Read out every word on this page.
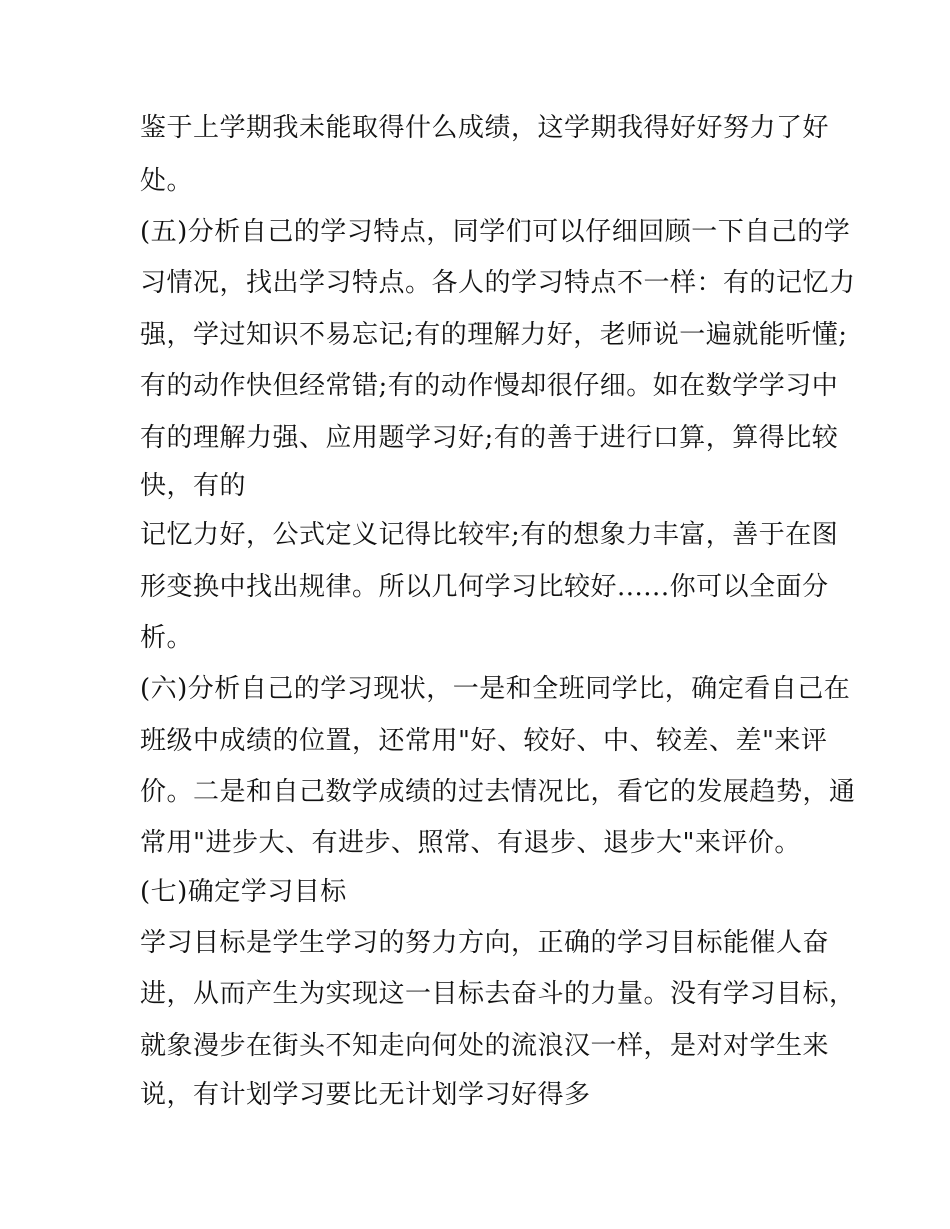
鉴于上学期我未能取得什么成绩，这学期我得好好努力了好
处。
(五)分析自己的学习特点，同学们可以仔细回顾一下自己的学
习情况，找出学习特点。各人的学习特点不一样：有的记忆力
强，学过知识不易忘记;有的理解力好，老师说一遍就能听懂;
有的动作快但经常错;有的动作慢却很仔细。如在数学学习中
有的理解力强、应用题学习好;有的善于进行口算，算得比较
快，有的
记忆力好，公式定义记得比较牢;有的想象力丰富，善于在图
形变换中找出规律。所以几何学习比较好......你可以全面分
析。
(六)分析自己的学习现状，一是和全班同学比，确定看自己在
班级中成绩的位置，还常用"好、较好、中、较差、差"来评
价。二是和自己数学成绩的过去情况比，看它的发展趋势，通
常用"进步大、有进步、照常、有退步、退步大"来评价。
(七)确定学习目标
学习目标是学生学习的努力方向，正确的学习目标能催人奋
进，从而产生为实现这一目标去奋斗的力量。没有学习目标，
就象漫步在街头不知走向何处的流浪汉一样，是对对学生来
说，有计划学习要比无计划学习好得多
